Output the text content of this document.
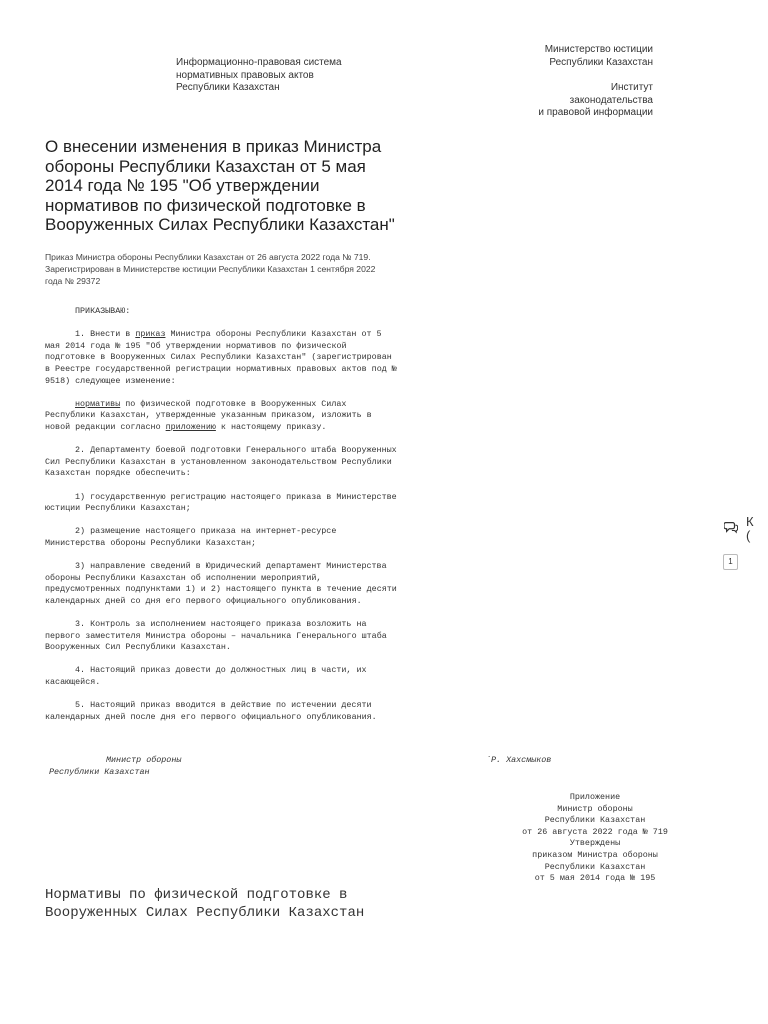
Информационно-правовая система
нормативных правовых актов
Республики Казахстан
Министерство юстиции
Республики Казахстан
Институт
законодательства
и правовой информации
О внесении изменения в приказ Министра обороны Республики Казахстан от 5 мая 2014 года № 195 "Об утверждении нормативов по физической подготовке в Вооруженных Силах Республики Казахстан"
Приказ Министра обороны Республики Казахстан от 26 августа 2022 года № 719. Зарегистрирован в Министерстве юстиции Республики Казахстан 1 сентября 2022 года № 29372

ПРИКАЗЫВАЮ:

1. Внести в приказ Министра обороны Республики Казахстан от 5 мая 2014 года № 195 "Об утверждении нормативов по физической подготовке в Вооруженных Силах Республики Казахстан" (зарегистрирован в Реестре государственной регистрации нормативных правовых актов под № 9518) следующее изменение:

нормативы по физической подготовке в Вооруженных Силах Республики Казахстан, утвержденные указанным приказом, изложить в новой редакции согласно приложению к настоящему приказу.

2. Департаменту боевой подготовки Генерального штаба Вооруженных Сил Республики Казахстан в установленном законодательством Республики Казахстан порядке обеспечить:

1) государственную регистрацию настоящего приказа в Министерстве юстиции Республики Казахстан;

2) размещение настоящего приказа на интернет-ресурсе Министерства обороны Республики Казахстан;

3) направление сведений в Юридический департамент Министерства обороны Республики Казахстан об исполнении мероприятий, предусмотренных подпунктами 1) и 2) настоящего пункта в течение десяти календарных дней со дня его первого официального опубликования.

3. Контроль за исполнением настоящего приказа возложить на первого заместителя Министра обороны – начальника Генерального штаба Вооруженных Сил Республики Казахстан.

4. Настоящий приказ довести до должностных лиц в части, их касающейся.

5. Настоящий приказ вводится в действие по истечении десяти календарных дней после дня его первого официального опубликования.

Министр обороны
Республики Казахстан
`Р. Хахсмыков
Приложение
Министр обороны
Республики Казахстан
от 26 августа 2022 года № 719
Утверждены
приказом Министра обороны
Республики Казахстан
от 5 мая 2014 года № 195
Нормативы по физической подготовке в Вооруженных Силах Республики Казахстан
К
(
1
